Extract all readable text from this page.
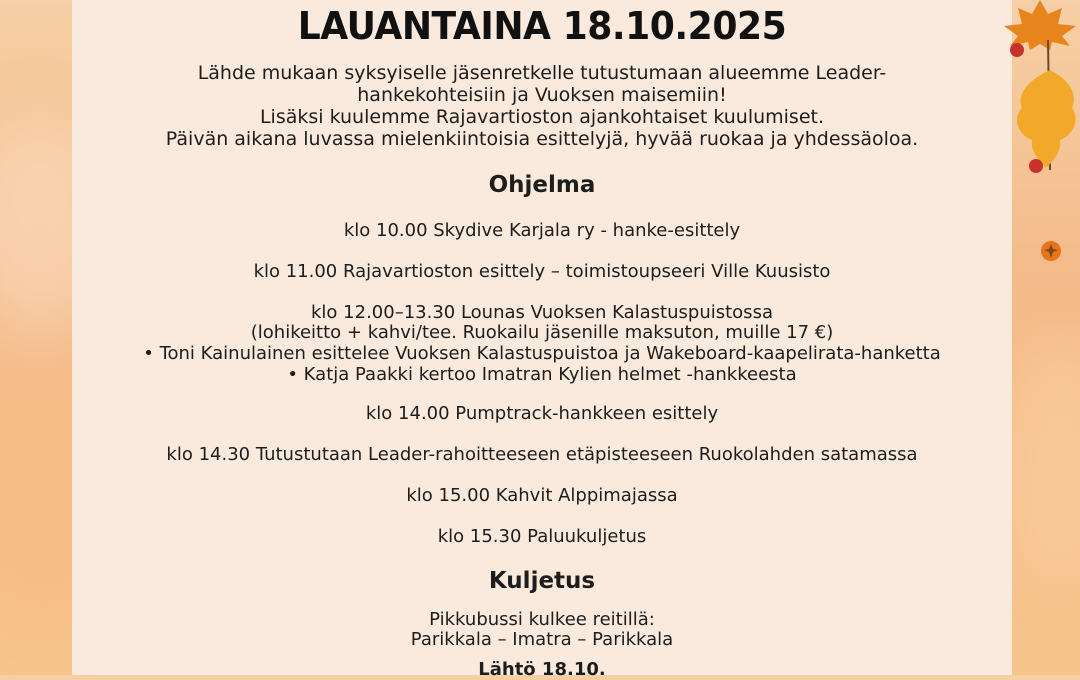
LAUANTAINA 18.10.2025
Lähde mukaan syksyiselle jäsenretkelle tutustumaan alueemme Leader-
hankekohteisiin ja Vuoksen maisemiin!
Lisäksi kuulemme Rajavartioston ajankohtaiset kuulumiset.
Päivän aikana luvassa mielenkiintoisia esittelyjä, hyvää ruokaa ja yhdessäoloa.
Ohjelma
klo 10.00 Skydive Karjala ry - hanke-esittely
klo 11.00 Rajavartioston esittely – toimistoupseeri Ville Kuusisto
klo 12.00–13.30 Lounas Vuoksen Kalastuspuistossa
(lohikeitto + kahvi/tee. Ruokailu jäsenille maksuton, muille 17 €)
• Toni Kainulainen esittelee Vuoksen Kalastuspuistoa ja Wakeboard-kaapelirata-hanketta
• Katja Paakki kertoo Imatran Kylien helmet -hankkeesta
klo 14.00 Pumptrack-hankkeen esittely
klo 14.30 Tutustutaan Leader-rahoitteeseen etäpisteeseen Ruokolahden satamassa
klo 15.00 Kahvit Alppimajassa
klo 15.30 Paluukuljetus
Kuljetus
Pikkubussi kulkee reitillä:
Parikkala – Imatra – Parikkala
Lähtö 18.10.
